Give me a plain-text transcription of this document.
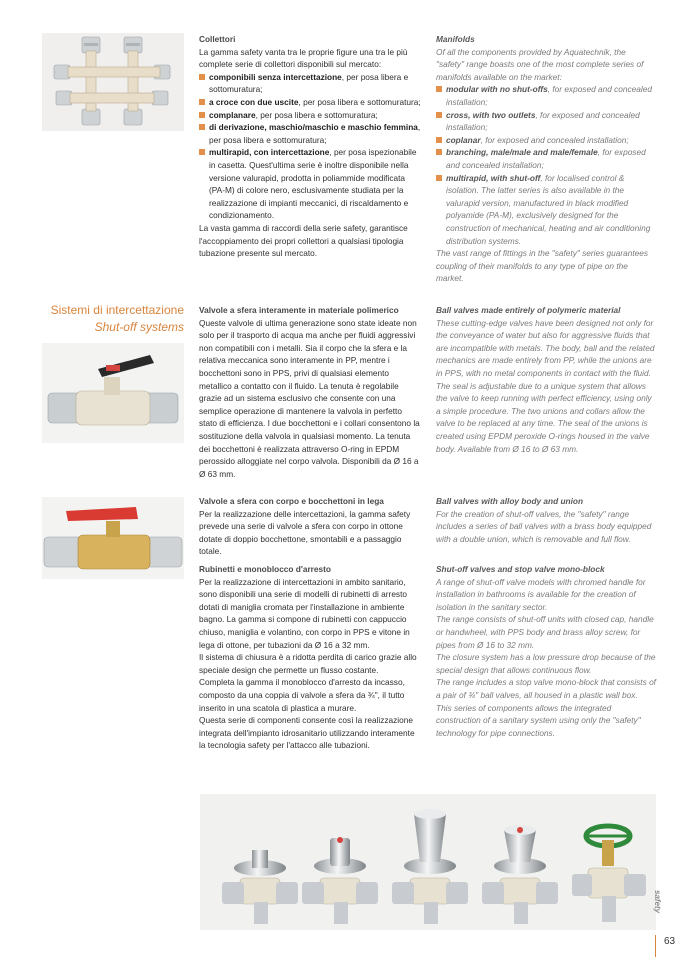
Collettori

La gamma safety vanta tra le proprie figure una tra le più complete serie di collettori disponibili sul mercato:

componibili senza intercettazione, per posa libera e sottomuratura;
a croce con due uscite, per posa libera e sottomuratura;
complanare, per posa libera e sottomuratura;
di derivazione, maschio/maschio e maschio femmina, per posa libera e sottomuratura;
multirapid, con intercettazione, per posa ispezionabile in casetta. Quest'ultima serie è inoltre disponibile nella versione valurapid, prodotta in poliammide modificata (PA-M) di colore nero, esclusivamente studiata per la realizzazione di impianti meccanici, di riscaldamento e condizionamento.

La vasta gamma di raccordi della serie safety, garantisce l'accoppiamento dei propri collettori a qualsiasi tipologia tubazione presente sul mercato.

Manifolds

Of all the components provided by Aquatechnik, the "safety" range boasts one of the most complete series of manifolds available on the market:

modular with no shut-offs, for exposed and concealed installation;
cross, with two outlets, for exposed and concealed installation;
coplanar, for exposed and concealed installation;
branching, male/male and male/female, for exposed and concealed installation;
multirapid, with shut-off, for localised control & isolation. The latter series is also available in the valurapid version, manufactured in black modified polyamide (PA-M), exclusively designed for the construction of mechanical, heating and air conditioning distribution systems.

The vast range of fittings in the "safety" series guarantees coupling of their manifolds to any type of pipe on the market.

Sistemi di intercettazione
Shut-off systems

Valvole a sfera interamente in materiale polimerico

Queste valvole di ultima generazione sono state ideate non solo per il trasporto di acqua ma anche per fluidi aggressivi non compatibili con i metalli. Sia il corpo che la sfera e la relativa meccanica sono interamente in PP, mentre i bocchettoni sono in PPS, privi di qualsiasi elemento metallico a contatto con il fluido. La tenuta è regolabile grazie ad un sistema esclusivo che consente con una semplice operazione di mantenere la valvola in perfetto stato di efficienza. I due bocchettoni e i collari consentono la sostituzione della valvola in qualsiasi momento. La tenuta dei bocchettoni è realizzata attraverso O-ring in EPDM perossido alloggiate nel corpo valvola. Disponibili da Ø 16 a Ø 63 mm.

Ball valves made entirely of polymeric material

These cutting-edge valves have been designed not only for the conveyance of water but also for aggressive fluids that are incompatible with metals. The body, ball and the related mechanics are made entirely from PP, while the unions are in PPS, with no metal components in contact with the fluid.

The seal is adjustable due to a unique system that allows the valve to keep running with perfect efficiency, using only a simple procedure. The two unions and collars allow the valve to be replaced at any time. The seal of the unions is created using EPDM peroxide O-rings housed in the valve body. Available from Ø 16 to Ø 63 mm.

Valvole a sfera con corpo e bocchettoni in lega

Per la realizzazione delle intercettazioni, la gamma safety prevede una serie di valvole a sfera con corpo in ottone dotate di doppio bocchettone, smontabili e a passaggio totale.

Ball valves with alloy body and union

For the creation of shut-off valves, the "safety" range includes a series of ball valves with a brass body equipped with a double union, which is removable and full flow.

Rubinetti e monoblocco d'arresto

Per la realizzazione di intercettazioni in ambito sanitario, sono disponibili una serie di modelli di rubinetti di arresto dotati di maniglia cromata per l'installazione in ambiente bagno. La gamma si compone di rubinetti con cappuccio chiuso, maniglia e volantino, con corpo in PPS e vitone in lega di ottone, per tubazioni da Ø 16 a 32 mm.

Il sistema di chiusura è a ridotta perdita di carico grazie allo speciale design che permette un flusso costante.

Completa la gamma il monoblocco d'arresto da incasso, composto da una coppia di valvole a sfera da ¾", il tutto inserito in una scatola di plastica a murare.

Questa serie di componenti consente così la realizzazione integrata dell'impianto idrosanitario utilizzando interamente la tecnologia safety per l'attacco alle tubazioni.

Shut-off valves and stop valve mono-block

A range of shut-off valve models with chromed handle for installation in bathrooms is available for the creation of isolation in the sanitary sector.

The range consists of shut-off units with closed cap, handle or handwheel, with PPS body and brass alloy screw, for pipes from Ø 16 to 32 mm.

The closure system has a low pressure drop because of the special design that allows continuous flow.

The range includes a stop valve mono-block that consists of a pair of ¾" ball valves, all housed in a plastic wall box.

This series of components allows the integrated construction of a sanitary system using only the "safety" technology for pipe connections.

safety
63
